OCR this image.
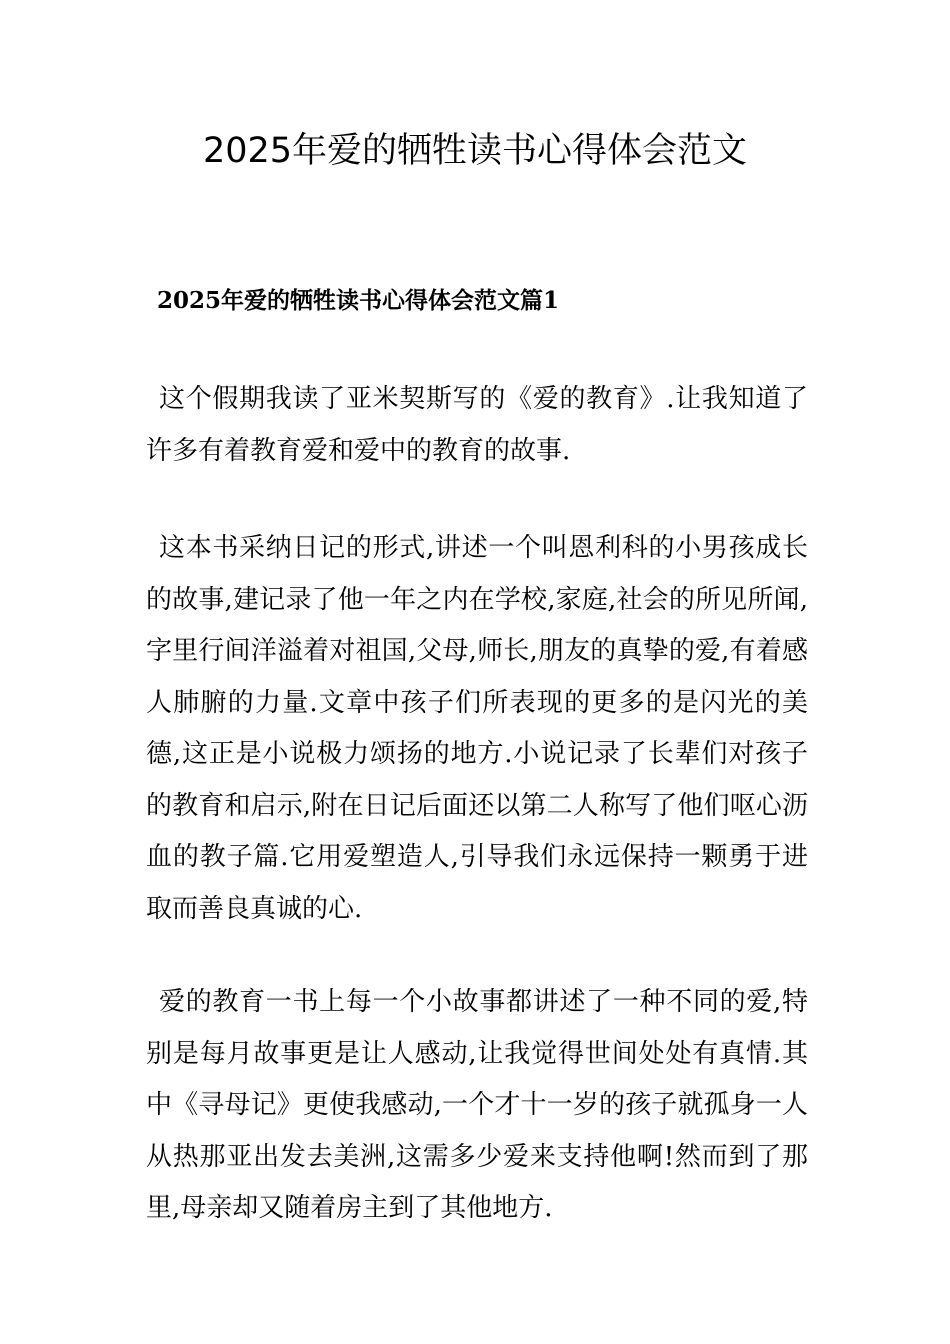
2025年爱的牺牲读书心得体会范文
2025年爱的牺牲读书心得体会范文篇1

这个假期我读了亚米契斯写的《爱的教育》.让我知道了许多有着教育爱和爱中的教育的故事.

这本书采纳日记的形式,讲述一个叫恩利科的小男孩成长的故事,建记录了他一年之内在学校,家庭,社会的所见所闻,字里行间洋溢着对祖国,父母,师长,朋友的真挚的爱,有着感人肺腑的力量.文章中孩子们所表现的更多的是闪光的美德,这正是小说极力颂扬的地方.小说记录了长辈们对孩子的教育和启示,附在日记后面还以第二人称写了他们呕心沥血的教子篇.它用爱塑造人,引导我们永远保持一颗勇于进取而善良真诚的心.

爱的教育一书上每一个小故事都讲述了一种不同的爱,特别是每月故事更是让人感动,让我觉得世间处处有真情.其中《寻母记》更使我感动,一个才十一岁的孩子就孤身一人从热那亚出发去美洲,这需多少爱来支持他啊!然而到了那里,母亲却又随着房主到了其他地方.
